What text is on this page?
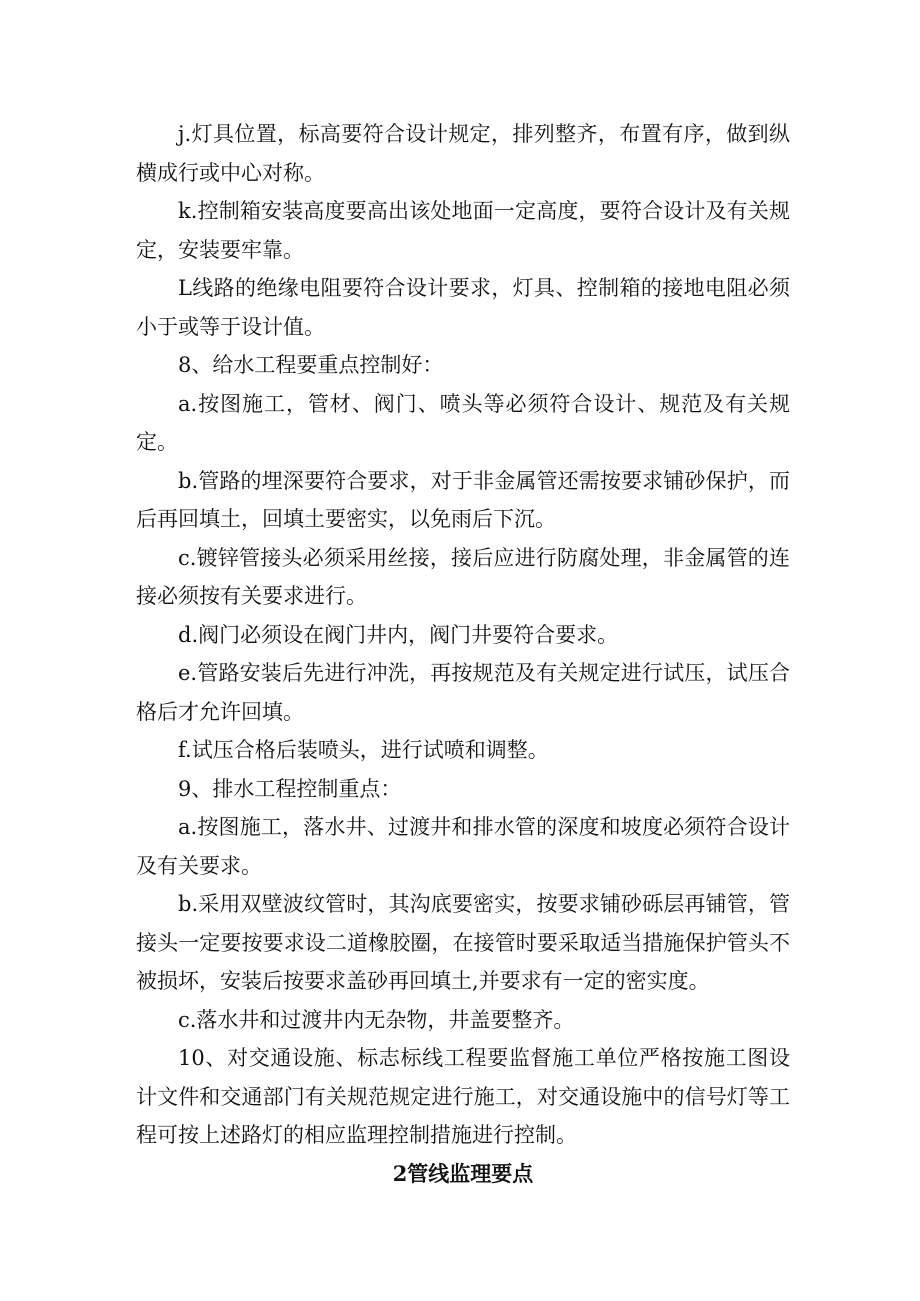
j.灯具位置，标高要符合设计规定，排列整齐，布置有序，做到纵横成行或中心对称。

k.控制箱安装高度要高出该处地面一定高度，要符合设计及有关规定，安装要牢靠。

L线路的绝缘电阻要符合设计要求，灯具、控制箱的接地电阻必须小于或等于设计值。

8、给水工程要重点控制好：

a.按图施工，管材、阀门、喷头等必须符合设计、规范及有关规定。

b.管路的埋深要符合要求，对于非金属管还需按要求铺砂保护，而后再回填土，回填土要密实，以免雨后下沉。

c.镀锌管接头必须采用丝接，接后应进行防腐处理，非金属管的连接必须按有关要求进行。

d.阀门必须设在阀门井内，阀门井要符合要求。

e.管路安装后先进行冲洗，再按规范及有关规定进行试压，试压合格后才允许回填。

f.试压合格后装喷头，进行试喷和调整。

9、排水工程控制重点：

a.按图施工，落水井、过渡井和排水管的深度和坡度必须符合设计及有关要求。

b.采用双壁波纹管时，其沟底要密实，按要求铺砂砾层再铺管，管接头一定要按要求设二道橡胶圈，在接管时要采取适当措施保护管头不被损坏，安装后按要求盖砂再回填土,并要求有一定的密实度。

c.落水井和过渡井内无杂物，井盖要整齐。

10、对交通设施、标志标线工程要监督施工单位严格按施工图设计文件和交通部门有关规范规定进行施工，对交通设施中的信号灯等工程可按上述路灯的相应监理控制措施进行控制。

2管线监理要点
